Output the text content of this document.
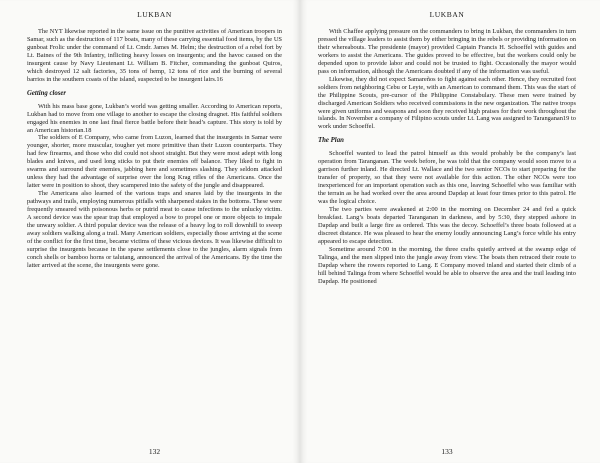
LUKBAN

The NYT likewise reported in the same issue on the punitive activities of American troopers in Samar, such as the destruction of 117 boats, many of these carrying essential food items, by the US gunboat Frolic under the command of Lt. Cmdr. James M. Helm; the destruction of a rebel fort by Lt. Baines of the 9th Infantry, inflicting heavy losses on insurgents; and the havoc caused on the insurgent cause by Navy Lieutenant Lt. William B. Fitcher, commanding the gunboat Quiros, which destroyed 12 salt factories, 35 tons of hemp, 12 tons of rice and the burning of several barrios in the southern coasts of the island, suspected to be insurgent lairs.16

Getting closer

With his mass base gone, Lukban’s world was getting smaller. According to American reports, Lukban had to move from one village to another to escape the closing dragnet. His faithful soldiers engaged his enemies in one last final fierce battle before their head’s capture. This story is told by an American historian.18

The soldiers of E Company, who came from Luzon, learned that the insurgents in Samar were younger, shorter, more muscular, tougher yet more primitive than their Luzon counterparts. They had few firearms, and those who did could not shoot straight. But they were most adept with long blades and knives, and used long sticks to put their enemies off balance. They liked to fight in swarms and surround their enemies, jabbing here and sometimes slashing. They seldom attacked unless they had the advantage of surprise over the long Krag rifles of the Americans. Once the latter were in position to shoot, they scampered into the safety of the jungle and disappeared.

The Americans also learned of the various traps and snares laid by the insurgents in the pathways and trails, employing numerous pitfalls with sharpened stakes in the bottoms. These were frequently smeared with poisonous herbs or putrid meat to cause infections to the unlucky victim. A second device was the spear trap that employed a bow to propel one or more objects to impale the unwary soldier. A third popular device was the release of a heavy log to roll downhill to sweep away soldiers walking along a trail. Many American soldiers, especially those arriving at the scene of the conflict for the first time, became victims of these vicious devices. It was likewise difficult to surprise the insurgents because in the sparse settlements close to the jungles, alarm signals from conch shells or bamboo horns or talutang, announced the arrival of the Americans. By the time the latter arrived at the scene, the insurgents were gone.

132
LUKBAN

With Chaffee applying pressure on the commanders to bring in Lukban, the commanders in turn pressed the village leaders to assist them by either bringing in the rebels or providing information on their whereabouts. The presidente (mayor) provided Captain Francis H. Schoeffel with guides and workers to assist the Americans. The guides proved to be effective, but the workers could only be depended upon to provide labor and could not be trusted to fight. Occasionally the mayor would pass on information, although the Americans doubted if any of the information was useful.

Likewise, they did not expect Samareños to fight against each other. Hence, they recruited foot soldiers from neighboring Cebu or Leyte, with an American to command them. This was the start of the Philippine Scouts, pre-cursor of the Philippine Constabulary. These men were trained by discharged American Soldiers who received commissions in the new organization. The native troops were given uniforms and weapons and soon they received high praises for their work throughout the islands. In November a company of Filipino scouts under Lt. Lang was assigned to Taranganan19 to work under Schoeffel.

The Plan

Schoeffel wanted to lead the patrol himself as this would probably be the company’s last operation from Taranganan. The week before, he was told that the company would soon move to a garrison further inland. He directed Lt. Wallace and the two senior NCOs to start preparing for the transfer of property, so that they were not available for this action. The other NCOs were too inexperienced for an important operation such as this one, leaving Schoeffel who was familiar with the terrain as he had worked over the area around Dapdap at least four times prior to this patrol. He was the logical choice.

The two parties were awakened at 2:00 in the morning on December 24 and fed a quick breakfast. Lang’s boats departed Taranganan in darkness, and by 5:30, they stepped ashore in Dapdap and built a large fire as ordered. This was the decoy. Schoeffel’s three boats followed at a discreet distance. He was pleased to hear the enemy loudly announcing Lang’s force while his entry appeared to escape detection.

Sometime around 7:00 in the morning, the three crafts quietly arrived at the swamp edge of Talinga, and the men slipped into the jungle away from view. The boats then retraced their route to Dapdap where the rowers reported to Lang. E Company moved inland and started their climb of a hill behind Talinga from where Schoeffel would be able to observe the area and the trail leading into Dapdap. He positioned

133
